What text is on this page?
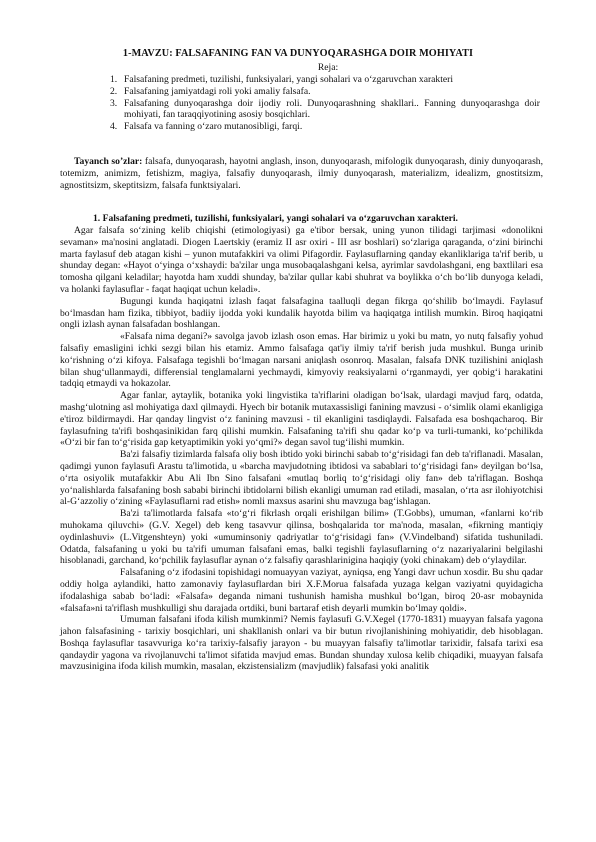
1-MAVZU: FALSAFANING FAN VA DUNYOQARASHGA DOIR MOHIYATI
Reja:
1. Falsafaning predmeti, tuzilishi, funksiyalari, yangi sohalari va o‘zgaruvchan xarakteri
2. Falsafaning jamiyatdagi roli yoki amaliy falsafa.
3. Falsafaning dunyoqarashga doir ijodiy roli. Dunyoqarashning shakllari.. Fanning dunyoqarashga doir mohiyati, fan taraqqiyotining asosiy bosqichlari.
4. Falsafa va fanning o‘zaro mutanosibligi, farqi.
Tayanch so’zlar: falsafa, dunyoqarash, hayotni anglash, inson, dunyoqarash, mifologik dunyoqarash, diniy dunyoqarash, totemizm, animizm, fetishizm, magiya, falsafiy dunyoqarash, ilmiy dunyoqarash, materializm, idealizm, gnostitsizm, agnostitsizm, skeptitsizm, falsafa funktsiyalari.
1. Falsafaning predmeti, tuzilishi, funksiyalari, yangi sohalari va o‘zgaruvchan xarakteri.

Agar falsafa so‘zining kelib chiqishi (etimologiyasi) ga e'tibor bersak, uning yunon tilidagi tarjimasi «donolikni sevaman» ma'nosini anglatadi. Diogen Laertskiy (eramiz II asr oxiri - III asr boshlari) so‘zlariga qaraganda, o‘zini birinchi marta faylasuf deb atagan kishi – yunon mutafakkiri va olimi Pifagordir. Faylasuflarning qanday ekanliklariga ta'rif berib, u shunday degan: «Hayot o‘yinga o‘xshaydi: ba'zilar unga musobaqalashgani kelsa, ayrimlar savdolashgani, eng baxtlilari esa tomosha qilgani keladilar; hayotda ham xuddi shunday, ba'zilar qullar kabi shuhrat va boylikka o‘ch bo‘lib dunyoga keladi, va holanki faylasuflar - faqat haqiqat uchun keladi».

Bugungi kunda haqiqatni izlash faqat falsafagina taalluqli degan fikrga qo‘shilib bo‘lmaydi. Faylasuf bo‘lmasdan ham fizika, tibbiyot, badiiy ijodda yoki kundalik hayotda bilim va haqiqatga intilish mumkin. Biroq haqiqatni ongli izlash aynan falsafadan boshlangan.

«Falsafa nima degani?» savolga javob izlash oson emas. Har birimiz u yoki bu matn, yo nutq falsafiy yohud falsafiy emasligini ichki sezgi bilan his etamiz. Ammo falsafaga qat'iy ilmiy ta'rif berish juda mushkul. Bunga urinib ko‘rishning o‘zi kifoya. Falsafaga tegishli bo‘lmagan narsani aniqlash osonroq. Masalan, falsafa DNK tuzilishini aniqlash bilan shug‘ullanmaydi, differensial tenglamalarni yechmaydi, kimyoviy reaksiyalarni o‘rganmaydi, yer qobig‘i harakatini tadqiq etmaydi va hokazolar.

Agar fanlar, aytaylik, botanika yoki lingvistika ta'riflarini oladigan bo‘lsak, ulardagi mavjud farq, odatda, mashg‘ulotning asl mohiyatiga daxl qilmaydi. Hyech bir botanik mutaxassisligi fanining mavzusi - o‘simlik olami ekanligiga e'tiroz bildirmaydi. Har qanday lingvist o‘z fanining mavzusi - til ekanligini tasdiqlaydi. Falsafada esa boshqacharoq. Bir faylasufning ta'rifi boshqasinikidan farq qilishi mumkin. Falsafaning ta'rifi shu qadar ko‘p va turli-tumanki, ko‘pchilikda «O‘zi bir fan to‘g‘risida gap ketyaptimikin yoki yo‘qmi?» degan savol tug‘ilishi mumkin.

Ba'zi falsafiy tizimlarda falsafa oliy bosh ibtido yoki birinchi sabab to‘g‘risidagi fan deb ta'riflanadi. Masalan, qadimgi yunon faylasufi Arastu ta'limotida, u «barcha mavjudotning ibtidosi va sabablari to‘g‘risidagi fan» deyilgan bo‘lsa, o‘rta osiyolik mutafakkir Abu Ali Ibn Sino falsafani «mutlaq borliq to‘g‘risidagi oliy fan» deb ta'riflagan. Boshqa yo‘nalishlarda falsafaning bosh sababi birinchi ibtidolarni bilish ekanligi umuman rad etiladi, masalan, o‘rta asr ilohiyotchisi al-G‘azzoliy o‘zining «Faylasuflarni rad etish» nomli maxsus asarini shu mavzuga bag‘ishlagan.

Ba'zi ta'limotlarda falsafa «to‘g‘ri fikrlash orqali erishilgan bilim» (T.Gobbs), umuman, «fanlarni ko‘rib muhokama qiluvchi» (G.V. Xegel) deb keng tasavvur qilinsa, boshqalarida tor ma'noda, masalan, «fikrning mantiqiy oydinlashuvi» (L.Vitgenshteyn) yoki «umuminsoniy qadriyatlar to‘g‘risidagi fan» (V.Vindelband) sifatida tushuniladi. Odatda, falsafaning u yoki bu ta'rifi umuman falsafani emas, balki tegishli faylasuflarning o‘z nazariyalarini belgilashi hisoblanadi, garchand, ko‘pchilik faylasuflar aynan o‘z falsafiy qarashlarinigina haqiqiy (yoki chinakam) deb o‘ylaydilar.

Falsafaning o‘z ifodasini topishidagi nomuayyan vaziyat, ayniqsa, eng Yangi davr uchun xosdir. Bu shu qadar oddiy holga aylandiki, hatto zamonaviy faylasuflardan biri X.F.Morua falsafada yuzaga kelgan vaziyatni quyidagicha ifodalashiga sabab bo‘ladi: «Falsafa» deganda nimani tushunish hamisha mushkul bo‘lgan, biroq 20-asr mobaynida «falsafa»ni ta'riflash mushkulligi shu darajada ortdiki, buni bartaraf etish deyarli mumkin bo‘lmay qoldi».

Umuman falsafani ifoda kilish mumkinmi? Nemis faylasufi G.V.Xegel (1770-1831) muayyan falsafa yagona jahon falsafasining - tarixiy bosqichlari, uni shakllanish onlari va bir butun rivojlanishining mohiyatidir, deb hisoblagan. Boshqa faylasuflar tasavvuriga ko‘ra tarixiy-falsafiy jarayon - bu muayyan falsafiy ta'limotlar tarixidir, falsafa tarixi esa qandaydir yagona va rivojlanuvchi ta'limot sifatida mavjud emas. Bundan shunday xulosa kelib chiqadiki, muayyan falsafa mavzusinigina ifoda kilish mumkin, masalan, ekzistensializm (mavjudlik) falsafasi yoki analitik
